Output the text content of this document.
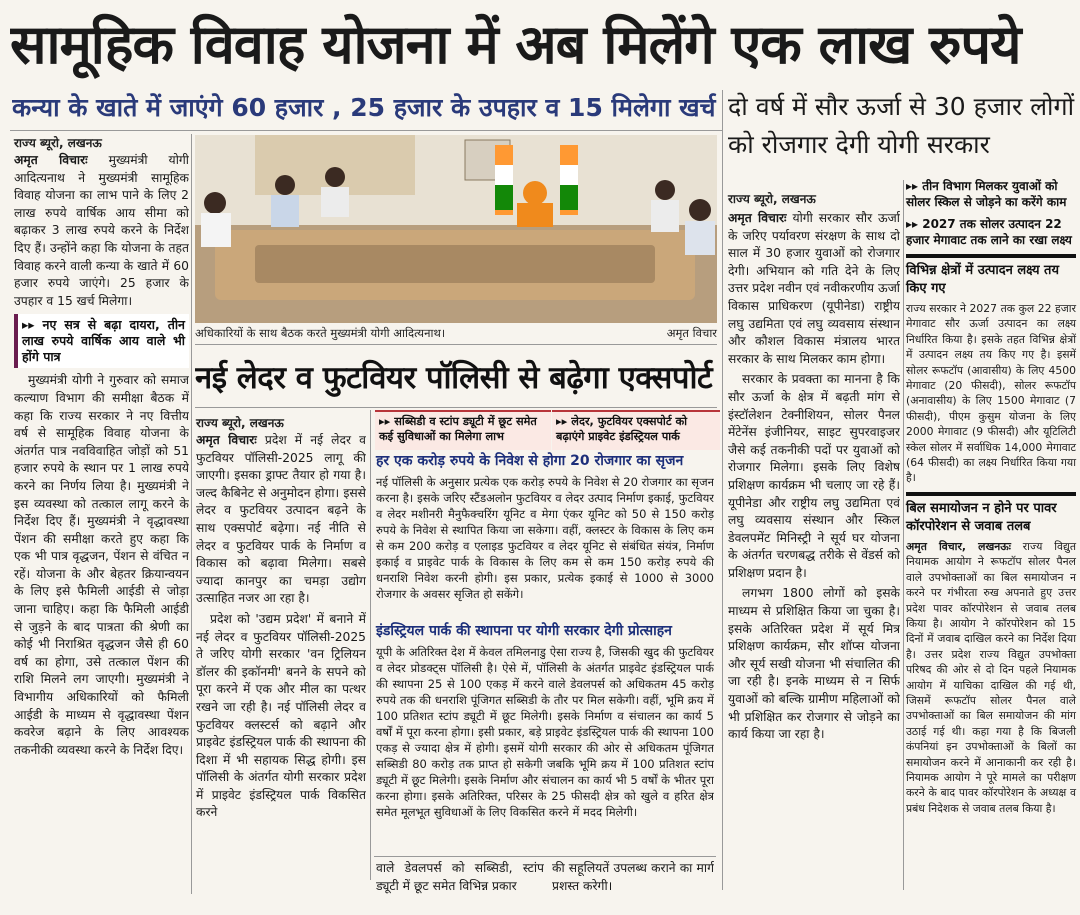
सामूहिक विवाह योजना में अब मिलेंगे एक लाख रुपये
कन्या के खाते में जाएंगे 60 हजार , 25 हजार के उपहार व 15 मिलेगा खर्च
राज्य ब्यूरो, लखनऊ

अमृत विचारः मुख्यमंत्री योगी आदित्यनाथ ने मुख्यमंत्री सामूहिक विवाह योजना का लाभ पाने के लिए 2 लाख रुपये वार्षिक आय सीमा को बढ़ाकर 3 लाख रुपये करने के निर्देश दिए हैं। उन्होंने कहा कि योजना के तहत विवाह करने वाली कन्या के खाते में 60 हजार रुपये जाएंगे। 25 हजार के उपहार व 15 खर्च मिलेगा।

▸▸ नए सत्र से बढ़ा दायरा, तीन लाख रुपये वार्षिक आय वाले भी होंगे पात्र

मुख्यमंत्री योगी ने गुरुवार को समाज कल्याण विभाग की समीक्षा बैठक में कहा कि राज्य सरकार ने नए वित्तीय वर्ष से सामूहिक विवाह योजना के अंतर्गत पात्र नवविवाहित जोड़ों को 51 हजार रुपये के स्थान पर 1 लाख रुपये करने का निर्णय लिया है। मुख्यमंत्री ने इस व्यवस्था को तत्काल लागू करने के निर्देश दिए हैं। मुख्यमंत्री ने वृद्धावस्था पेंशन की समीक्षा करते हुए कहा कि एक भी पात्र वृद्धजन, पेंशन से वंचित न रहें। योजना के और बेहतर क्रियान्वयन के लिए इसे फैमिली आईडी से जोड़ा जाना चाहिए। कहा कि फैमिली आईडी से जुड़ने के बाद पात्रता की श्रेणी का कोई भी निराश्रित वृद्धजन जैसे ही 60 वर्ष का होगा, उसे तत्काल पेंशन की राशि मिलने लग जाएगी। मुख्यमंत्री ने विभागीय अधिकारियों को फैमिली आईडी के माध्यम से वृद्धावस्था पेंशन कवरेज बढ़ाने के लिए आवश्यक तकनीकी व्यवस्था करने के निर्देश दिए।

अधिकारियों के साथ बैठक करते मुख्यमंत्री योगी आदित्यनाथ।	अमृत विचार
नई लेदर व फुटवियर पॉलिसी से बढ़ेगा एक्सपोर्ट
राज्य ब्यूरो, लखनऊ

अमृत विचारः प्रदेश में नई लेदर व फुटवियर पॉलिसी-2025 लागू की जाएगी। इसका ड्राफ्ट तैयार हो गया है। जल्द कैबिनेट से अनुमोदन होगा। इससे लेदर व फुटवियर उत्पादन बढ़ने के साथ एक्सपोर्ट बढ़ेगा। नई नीति से लेदर व फुटवियर पार्क के निर्माण व विकास को बढ़ावा मिलेगा। सबसे ज्यादा कानपुर का चमड़ा उद्योग उत्साहित नजर आ रहा है।

प्रदेश को 'उद्यम प्रदेश' में बनाने में नई लेदर व फुटवियर पॉलिसी-2025 ते जरिए योगी सरकार 'वन ट्रिलियन डॉलर की इकॉनमी' बनने के सपने को पूरा करने में एक और मील का पत्थर रखने जा रही है। नई पॉलिसी लेदर व फुटवियर क्लस्टर्स को बढ़ाने और प्राइवेट इंडस्ट्रियल पार्क की स्थापना की दिशा में भी सहायक सिद्ध होगी। इस पॉलिसी के अंतर्गत योगी सरकार प्रदेश में प्राइवेट इंडस्ट्रियल पार्क विकसित करने

▸▸ सब्सिडी व स्टांप ड्यूटी में छूट समेत कई सुविधाओं का मिलेगा लाभ
▸▸ लेदर, फुटवियर एक्सपोर्ट को बढ़ाएंगे प्राइवेट इंडस्ट्रियल पार्क
हर एक करोड़ रुपये के निवेश से होगा 20 रोजगार का सृजन

नई पॉलिसी के अनुसार प्रत्येक एक करोड़ रुपये के निवेश से 20 रोजगार का सृजन करना है। इसके जरिए स्टैंडअलोन फुटवियर व लेदर उत्पाद निर्माण इकाई, फुटवियर व लेदर मशीनरी मैनुफैक्चरिंग यूनिट व मेगा एंकर यूनिट को 50 से 150 करोड़ रुपये के निवेश से स्थापित किया जा सकेगा। वहीं, क्लस्टर के विकास के लिए कम से कम 200 करोड़ व एलाइड फुटवियर व लेदर यूनिट से संबंधित संयंत्र, निर्माण इकाई व प्राइवेट पार्क के विकास के लिए कम से कम 150 करोड़ रुपये की धनराशि निवेश करनी होगी। इस प्रकार, प्रत्येक इकाई से 1000 से 3000 रोजगार के अवसर सृजित हो सकेंगे।

इंडस्ट्रियल पार्क की स्थापना पर योगी सरकार देगी प्रोत्साहन

यूपी के अतिरिक्त देश में केवल तमिलनाडु ऐसा राज्य है, जिसकी खुद की फुटवियर व लेदर प्रोडक्ट्स पॉलिसी है। ऐसे में, पॉलिसी के अंतर्गत प्राइवेट इंडस्ट्रियल पार्क की स्थापना 25 से 100 एकड़ में करने वाले डेवलपर्स को अधिकतम 45 करोड़ रुपये तक की धनराशि पूंजिगत सब्सिडी के तौर पर मिल सकेगी। वहीं, भूमि क्रय में 100 प्रतिशत स्टांप ड्यूटी में छूट मिलेगी। इसके निर्माण व संचालन का कार्य 5 वर्षों में पूरा करना होगा। इसी प्रकार, बड़े प्राइवेट इंडस्ट्रियल पार्क की स्थापना 100 एकड़ से ज्यादा क्षेत्र में होगी। इसमें योगी सरकार की ओर से अधिकतम पूंजिगत सब्सिडी 80 करोड़ तक प्राप्त हो सकेगी जबकि भूमि क्रय में 100 प्रतिशत स्टांप ड्यूटी में छूट मिलेगी। इसके निर्माण और संचालन का कार्य भी 5 वर्षों के भीतर पूरा करना होगा। इसके अतिरिक्त, परिसर के 25 फीसदी क्षेत्र को खुले व हरित क्षेत्र समेत मूलभूत सुविधाओं के लिए विकसित करने में मदद मिलेगी।

वाले डेवलपर्स को सब्सिडी, स्टांप ड्यूटी में छूट समेत विभिन्न प्रकार

की सहूलियतें उपलब्ध कराने का मार्ग प्रशस्त करेगी।

दो वर्ष में सौर ऊर्जा से 30 हजार लोगों को रोजगार देगी योगी सरकार
राज्य ब्यूरो, लखनऊ

अमृत विचारः योगी सरकार सौर ऊर्जा के जरिए पर्यावरण संरक्षण के साथ दो साल में 30 हजार युवाओं को रोजगार देगी। अभियान को गति देने के लिए उत्तर प्रदेश नवीन एवं नवीकरणीय ऊर्जा विकास प्राधिकरण (यूपीनेडा) राष्ट्रीय लघु उद्यमिता एवं लघु व्यवसाय संस्थान और कौशल विकास मंत्रालय भारत सरकार के साथ मिलकर काम होगा।

सरकार के प्रवक्ता का मानना है कि सौर ऊर्जा के क्षेत्र में बढ़ती मांग से इंस्टॉलेशन टेक्नीशियन, सोलर पैनल मेंटेनेंस इंजीनियर, साइट सुपरवाइजर जैसे कई तकनीकी पदों पर युवाओं को रोजगार मिलेगा। इसके लिए विशेष प्रशिक्षण कार्यक्रम भी चलाए जा रहे हैं। यूपीनेडा और राष्ट्रीय लघु उद्यमिता एवं लघु व्यवसाय संस्थान और स्किल डेवलपमेंट मिनिस्ट्री ने सूर्य घर योजना के अंतर्गत चरणबद्ध तरीके से वेंडर्स को प्रशिक्षण प्रदान है।

लगभग 1800 लोगों को इसके माध्यम से प्रशिक्षित किया जा चुका है। इसके अतिरिक्त प्रदेश में सूर्य मित्र प्रशिक्षण कार्यक्रम, सौर शॉप्स योजना और सूर्य सखी योजना भी संचालित की जा रही है। इनके माध्यम से न सिर्फ युवाओं को बल्कि ग्रामीण महिलाओं को भी प्रशिक्षित कर रोजगार से जोड़ने का कार्य किया जा रहा है।

▸▸ तीन विभाग मिलकर युवाओं को सोलर स्किल से जोड़ने का करेंगे काम
▸▸ 2027 तक सोलर उत्पादन 22 हजार मेगावाट तक लाने का रखा लक्ष्य
विभिन्न क्षेत्रों में उत्पादन लक्ष्य तय किए गए
राज्य सरकार ने 2027 तक कुल 22 हजार मेगावाट सौर ऊर्जा उत्पादन का लक्ष्य निर्धारित किया है। इसके तहत विभिन्न क्षेत्रों में उत्पादन लक्ष्य तय किए गए है। इसमें सोलर रूफटॉप (आवासीय) के लिए 4500 मेगावाट (20 फीसदी), सोलर रूफटॉप (अनावासीय) के लिए 1500 मेगावाट (7 फीसदी), पीएम कुसुम योजना के लिए 2000 मेगावाट (9 फीसदी) और यूटिलिटी स्केल सोलर में सर्वाधिक 14,000 मेगावाट (64 फीसदी) का लक्ष्य निर्धारित किया गया है।
बिल समायोजन न होने पर पावर कॉरपोरेशन से जवाब तलब
अमृत विचार, लखनऊः राज्य विद्युत नियामक आयोग ने रूफटॉप सोलर पैनल वाले उपभोक्ताओं का बिल समायोजन न करने पर गंभीरता रुख अपनाते हुए उत्तर प्रदेश पावर कॉरपोरेशन से जवाब तलब किया है। आयोग ने कॉरपोरेशन को 15 दिनों में जवाब दाखिल करने का निर्देश दिया है। उत्तर प्रदेश राज्य विद्युत उपभोक्ता परिषद की ओर से दो दिन पहले नियामक आयोग में याचिका दाखिल की गई थी, जिसमें रूफटॉप सोलर पैनल वाले उपभोक्ताओं का बिल समायोजन की मांग उठाई गई थी। कहा गया है कि बिजली कंपनियां इन उपभोक्ताओं के बिलों का समायोजन करने में आनाकानी कर रही है। नियामक आयोग ने पूरे मामले का परीक्षण करने के बाद पावर कॉरपोरेशन के अध्यक्ष व प्रबंध निदेशक से जवाब तलब किया है।
